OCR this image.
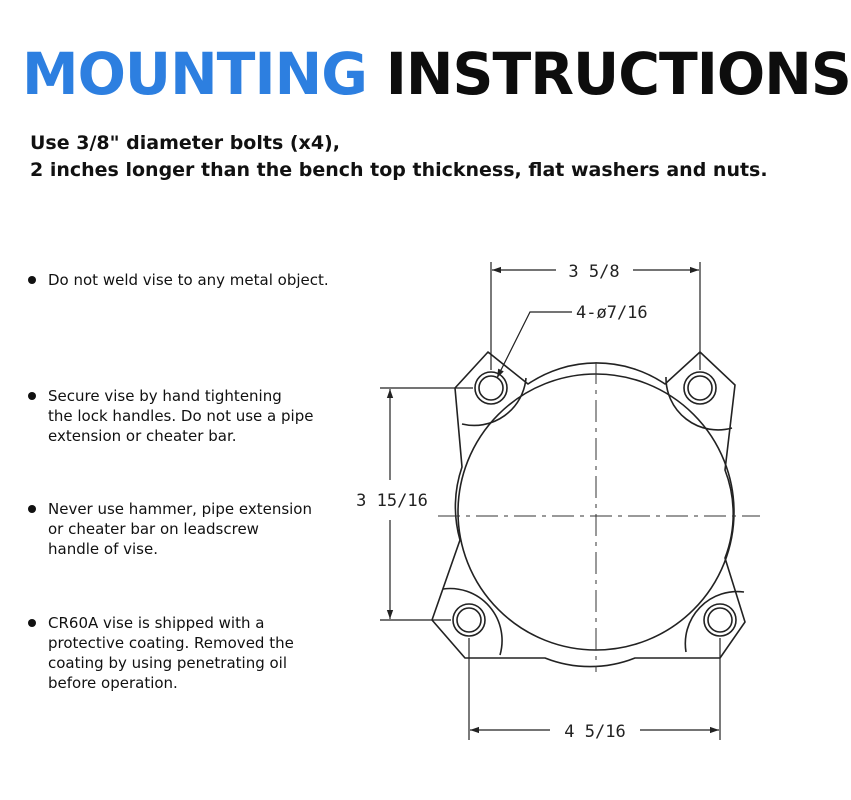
MOUNTING INSTRUCTIONS

Use 3/8" diameter bolts (x4),
2 inches longer than the bench top thickness, flat washers and nuts.

Do not weld vise to any metal object.
Secure vise by hand tightening
the lock handles. Do not use a pipe
extension or cheater bar.
Never use hammer, pipe extension
or cheater bar on leadscrew
handle of vise.
CR60A vise is shipped with a
protective coating. Removed the
coating by using penetrating oil
before operation.
3 5/8
4-ø7/16
3 15/16
4 5/16
